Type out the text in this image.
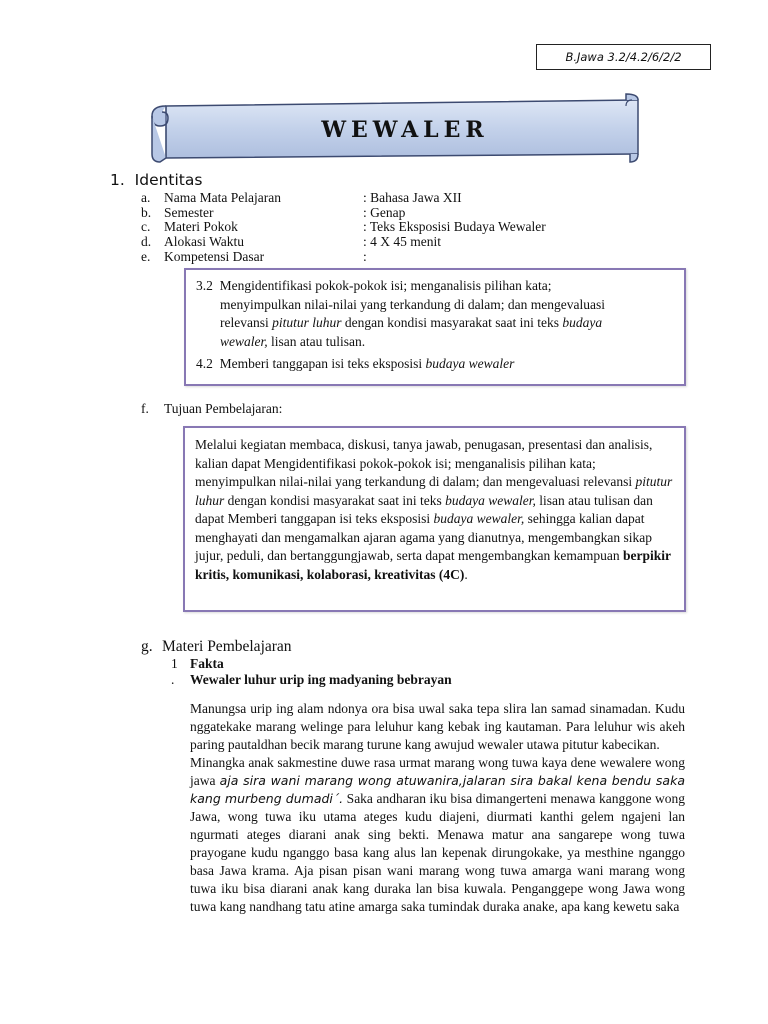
B.Jawa 3.2/4.2/6/2/2
WEWALER
1. Identitas
a. Nama Mata Pelajaran	: Bahasa Jawa XII
b. Semester	: Genap
c. Materi Pokok	: Teks Eksposisi Budaya Wewaler
d. Alokasi Waktu	: 4 X 45 menit
e. Kompetensi Dasar	:
3.2 Mengidentifikasi pokok-pokok isi; menganalisis pilihan kata;
menyimpulkan nilai-nilai yang terkandung di dalam; dan mengevaluasi
relevansi pitutur luhur dengan kondisi masyarakat saat ini teks budaya
wewaler, lisan atau tulisan.
4.2 Memberi tanggapan isi teks eksposisi budaya wewaler
f. Tujuan Pembelajaran:
Melalui kegiatan membaca, diskusi, tanya jawab, penugasan, presentasi dan analisis, kalian dapat Mengidentifikasi pokok-pokok isi; menganalisis pilihan kata; menyimpulkan nilai-nilai yang terkandung di dalam; dan mengevaluasi relevansi pitutur luhur dengan kondisi masyarakat saat ini teks budaya wewaler, lisan atau tulisan dan dapat Memberi tanggapan isi teks eksposisi budaya wewaler, sehingga kalian dapat menghayati dan mengamalkan ajaran agama yang dianutnya, mengembangkan sikap jujur, peduli, dan bertanggungjawab, serta dapat mengembangkan kemampuan berpikir kritis, komunikasi, kolaborasi, kreativitas (4C).
g. Materi Pembelajaran
1 Fakta
. Wewaler luhur urip ing madyaning bebrayan

Manungsa urip ing alam ndonya ora bisa uwal saka tepa slira lan samad sinamadan. Kudu nggatekake marang welinge para leluhur kang kebak ing kautaman. Para leluhur wis akeh paring pautaldhan becik marang turune kang awujud wewaler utawa pitutur kabecikan.

Minangka anak sakmestine duwe rasa urmat marang wong tuwa kaya dene wewalere wong jawa aja sira wani marang wong atuwanira,jalaran sira bakal kena bendu saka kang murbeng dumadi´. Saka andharan iku bisa dimangerteni menawa kanggone wong Jawa, wong tuwa iku utama ateges kudu diajeni, diurmati kanthi gelem ngajeni lan ngurmati ateges diarani anak sing bekti. Menawa matur ana sangarepe wong tuwa prayogane kudu nganggo basa kang alus lan kepenak dirungokake, ya mesthine nganggo basa Jawa krama. Aja pisan pisan wani marang wong tuwa amarga wani marang wong tuwa iku bisa diarani anak kang duraka lan bisa kuwala. Penganggepe wong Jawa wong tuwa kang nandhang tatu atine amarga saka tumindak duraka anake, apa kang kewetu saka
